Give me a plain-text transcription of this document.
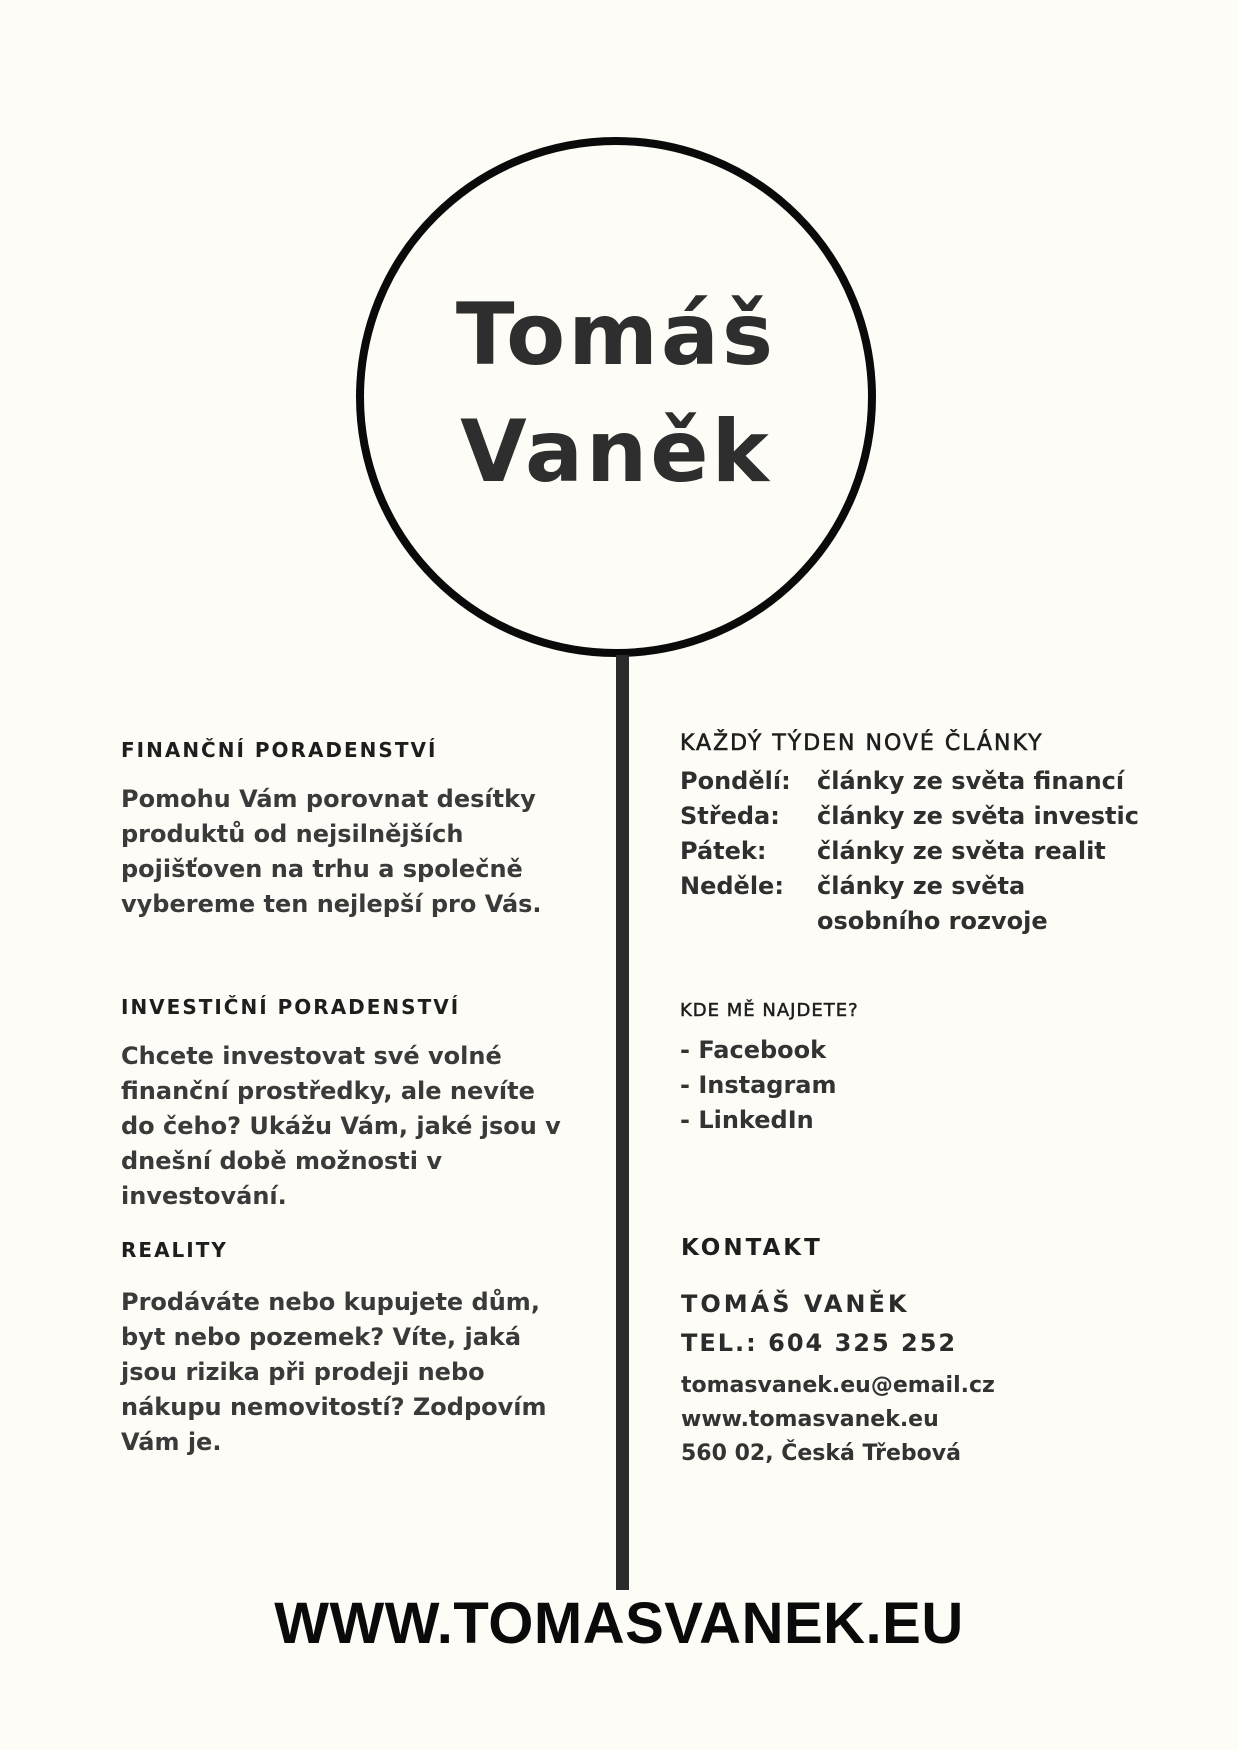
Tomáš
Vaněk
FINANČNÍ PORADENSTVÍ

Pomohu Vám porovnat desítky produktů od nejsilnějších pojišťoven na trhu a společně vybereme ten nejlepší pro Vás.

INVESTIČNÍ PORADENSTVÍ

Chcete investovat své volné finanční prostředky, ale nevíte do čeho? Ukážu Vám, jaké jsou v dnešní době možnosti v investování.

REALITY

Prodáváte nebo kupujete dům, byt nebo pozemek? Víte, jaká jsou rizika při prodeji nebo nákupu nemovitostí? Zodpovím Vám je.

KAŽDÝ TÝDEN NOVÉ ČLÁNKY
Pondělí:	články ze světa financí
Středa:	články ze světa investic
Pátek:	články ze světa realit
Neděle:	články ze světa osobního rozvoje
KDE MĚ NAJDETE?
- Facebook
- Instagram
- LinkedIn
KONTAKT
TOMÁŠ VANĚK
TEL.: 604 325 252
tomasvanek.eu@email.cz
www.tomasvanek.eu
560 02, Česká Třebová
WWW.TOMASVANEK.EU
